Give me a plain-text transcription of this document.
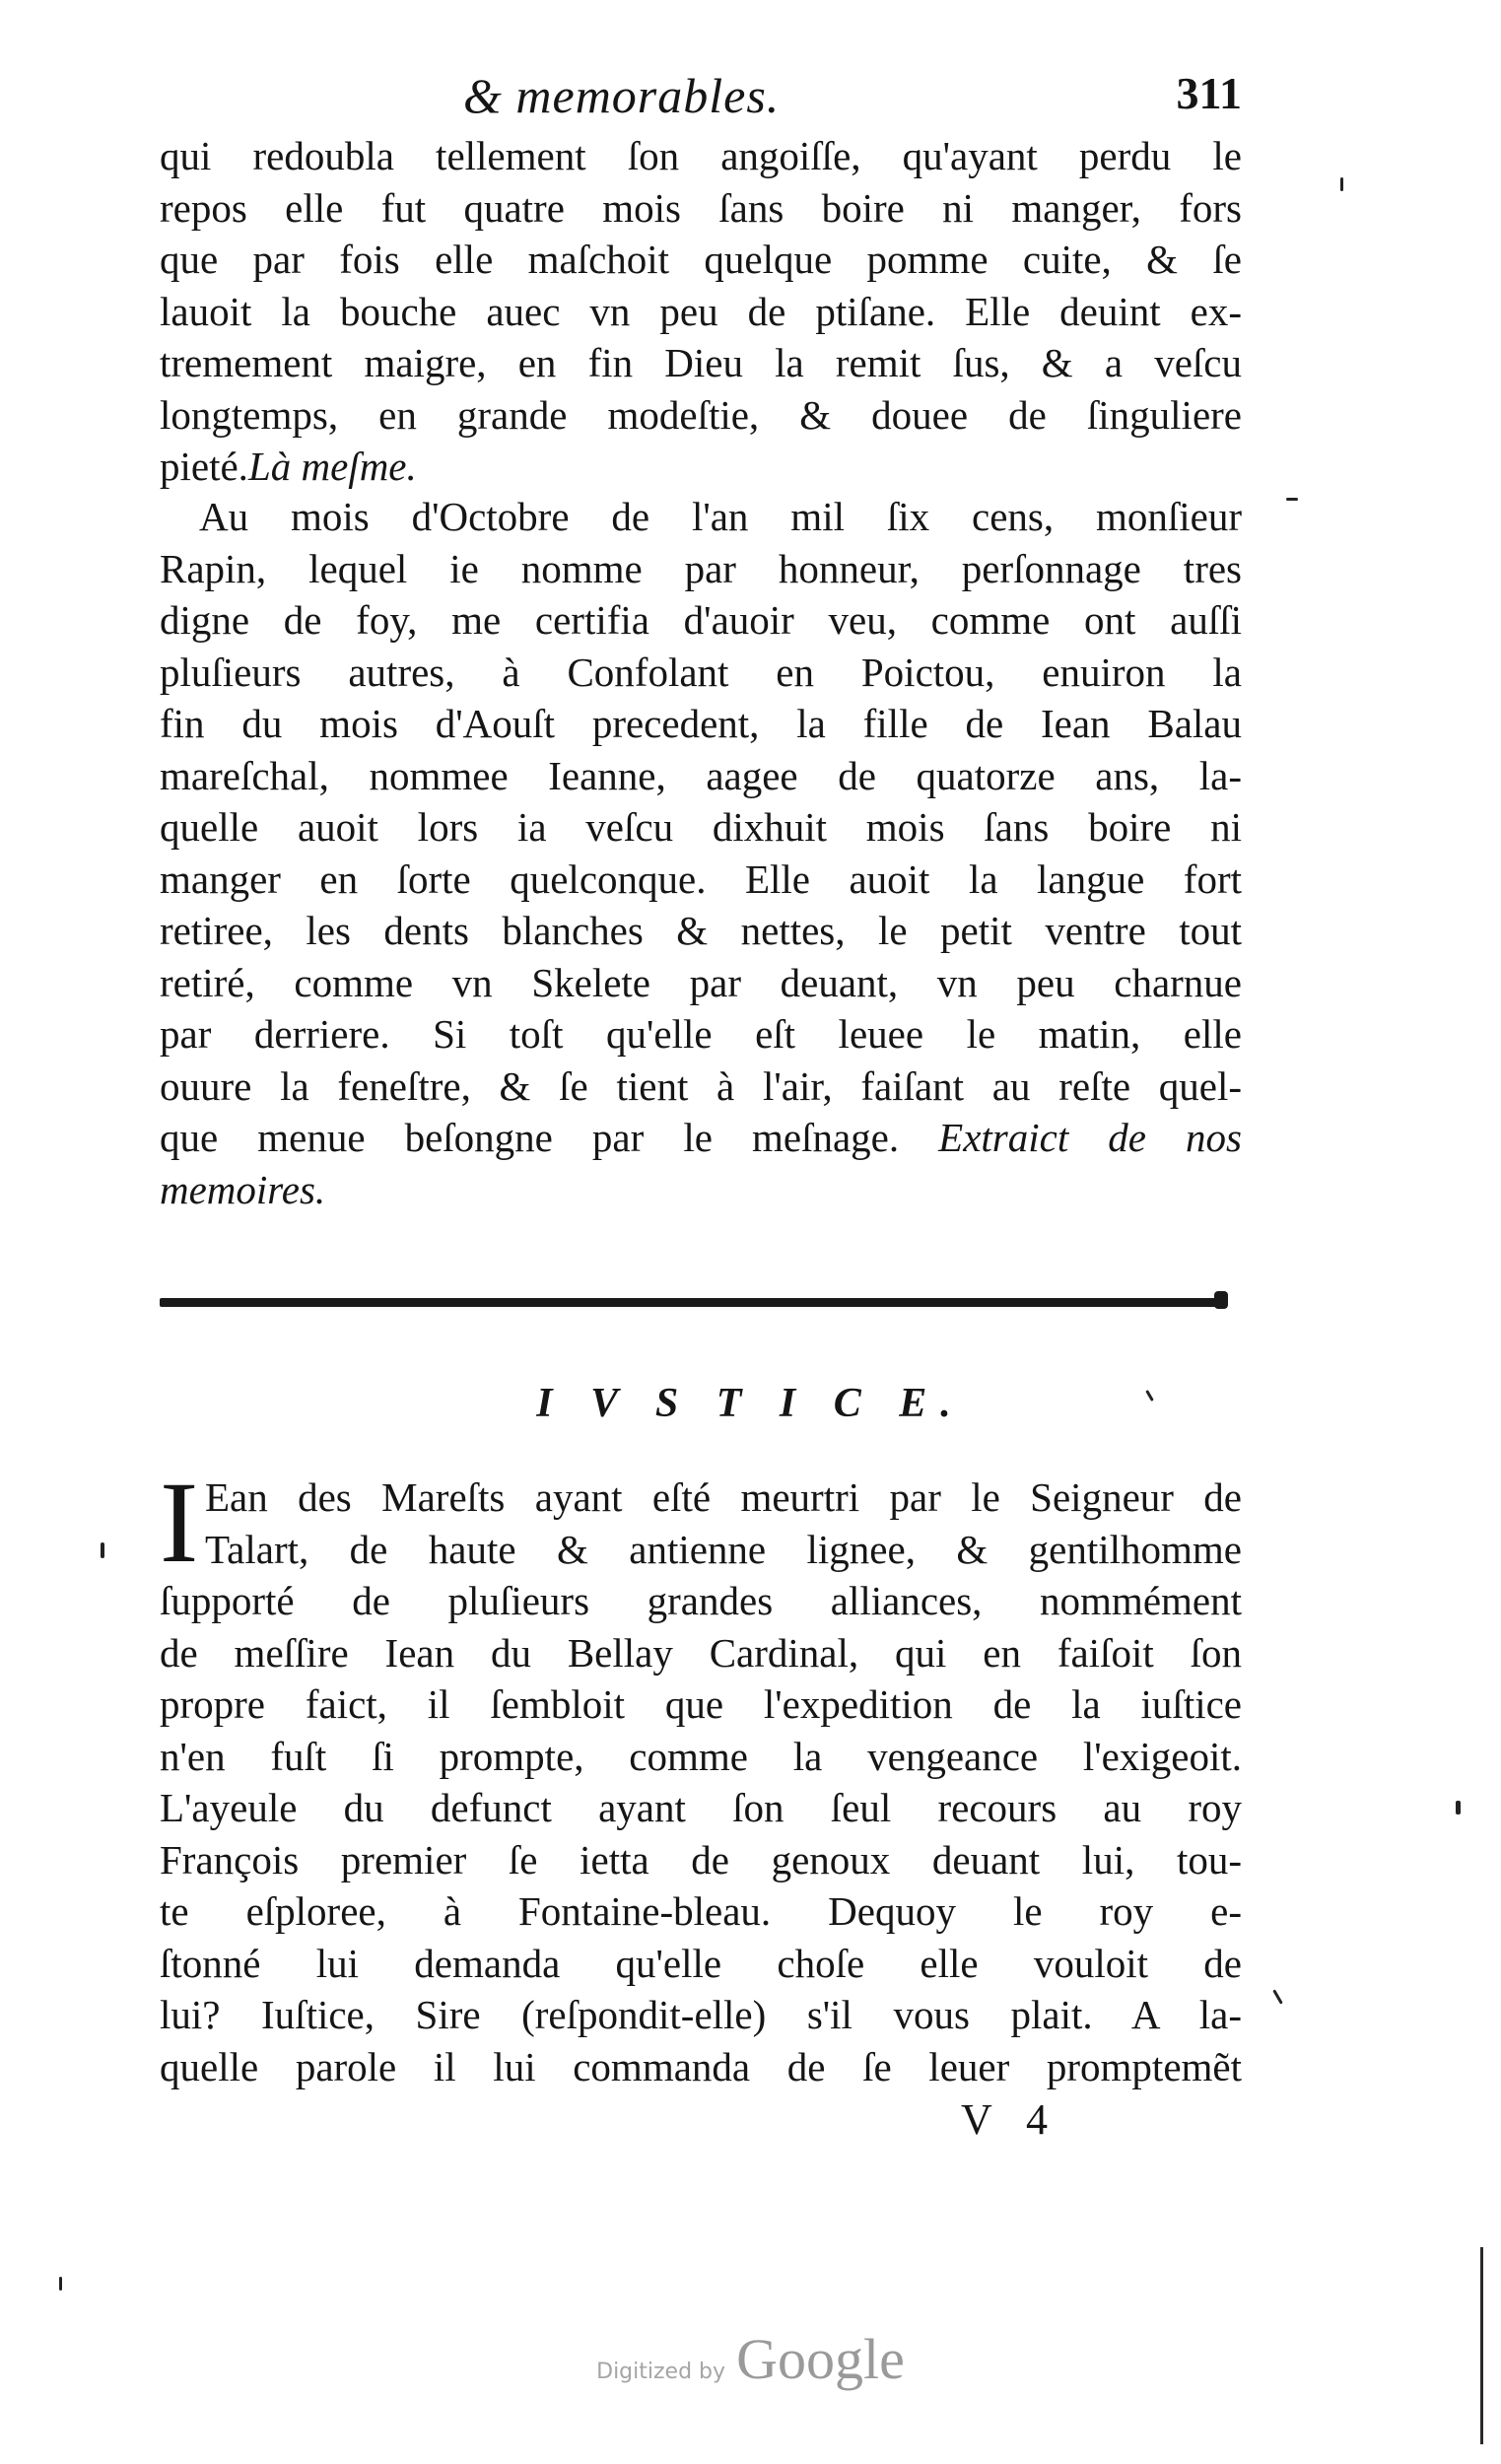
& memorables.	311
qui redoubla tellement ſon angoiſſe, qu'ayant perdu le
repos elle fut quatre mois ſans boire ni manger, fors
que par fois elle maſchoit quelque pomme cuite, & ſe
lauoit la bouche auec vn peu de ptiſane. Elle deuint ex-
tremement maigre, en fin Dieu la remit ſus, & a veſcu
longtemps, en grande modeſtie, & douee de ſinguliere
pieté.Là meſme.
Au mois d'Octobre de l'an mil ſix cens, monſieur
Rapin, lequel ie nomme par honneur, perſonnage tres
digne de foy, me certifia d'auoir veu, comme ont auſſi
pluſieurs autres, à Confolant en Poictou, enuiron la
fin du mois d'Aouſt precedent, la fille de Iean Balau
mareſchal, nommee Ieanne, aagee de quatorze ans, la-
quelle auoit lors ia veſcu dixhuit mois ſans boire ni
manger en ſorte quelconque. Elle auoit la langue fort
retiree, les dents blanches & nettes, le petit ventre tout
retiré, comme vn Skelete par deuant, vn peu charnue
par derriere. Si toſt qu'elle eſt leuee le matin, elle
ouure la feneſtre, & ſe tient à l'air, faiſant au reſte quel-
que menue beſongne par le meſnage. Extraict de nos
memoires.
I V S T I C E.
I Ean des Mareſts ayant eſté meurtri par le Seigneur de
Talart, de haute & antienne lignee, & gentilhomme
ſupporté de pluſieurs grandes alliances, nommément
de meſſire Iean du Bellay Cardinal, qui en faiſoit ſon
propre faict, il ſembloit que l'expedition de la iuſtice
n'en fuſt ſi prompte, comme la vengeance l'exigeoit.
L'ayeule du defunct ayant ſon ſeul recours au roy
François premier ſe ietta de genoux deuant lui, tou-
te eſploree, à Fontaine-bleau. Dequoy le roy e-
ſtonné lui demanda qu'elle choſe elle vouloit de
lui? Iuſtice, Sire (reſpondit-elle) s'il vous plait. A la-
quelle parole il lui commanda de ſe leuer promptemẽt
V 4
Digitized by Google
